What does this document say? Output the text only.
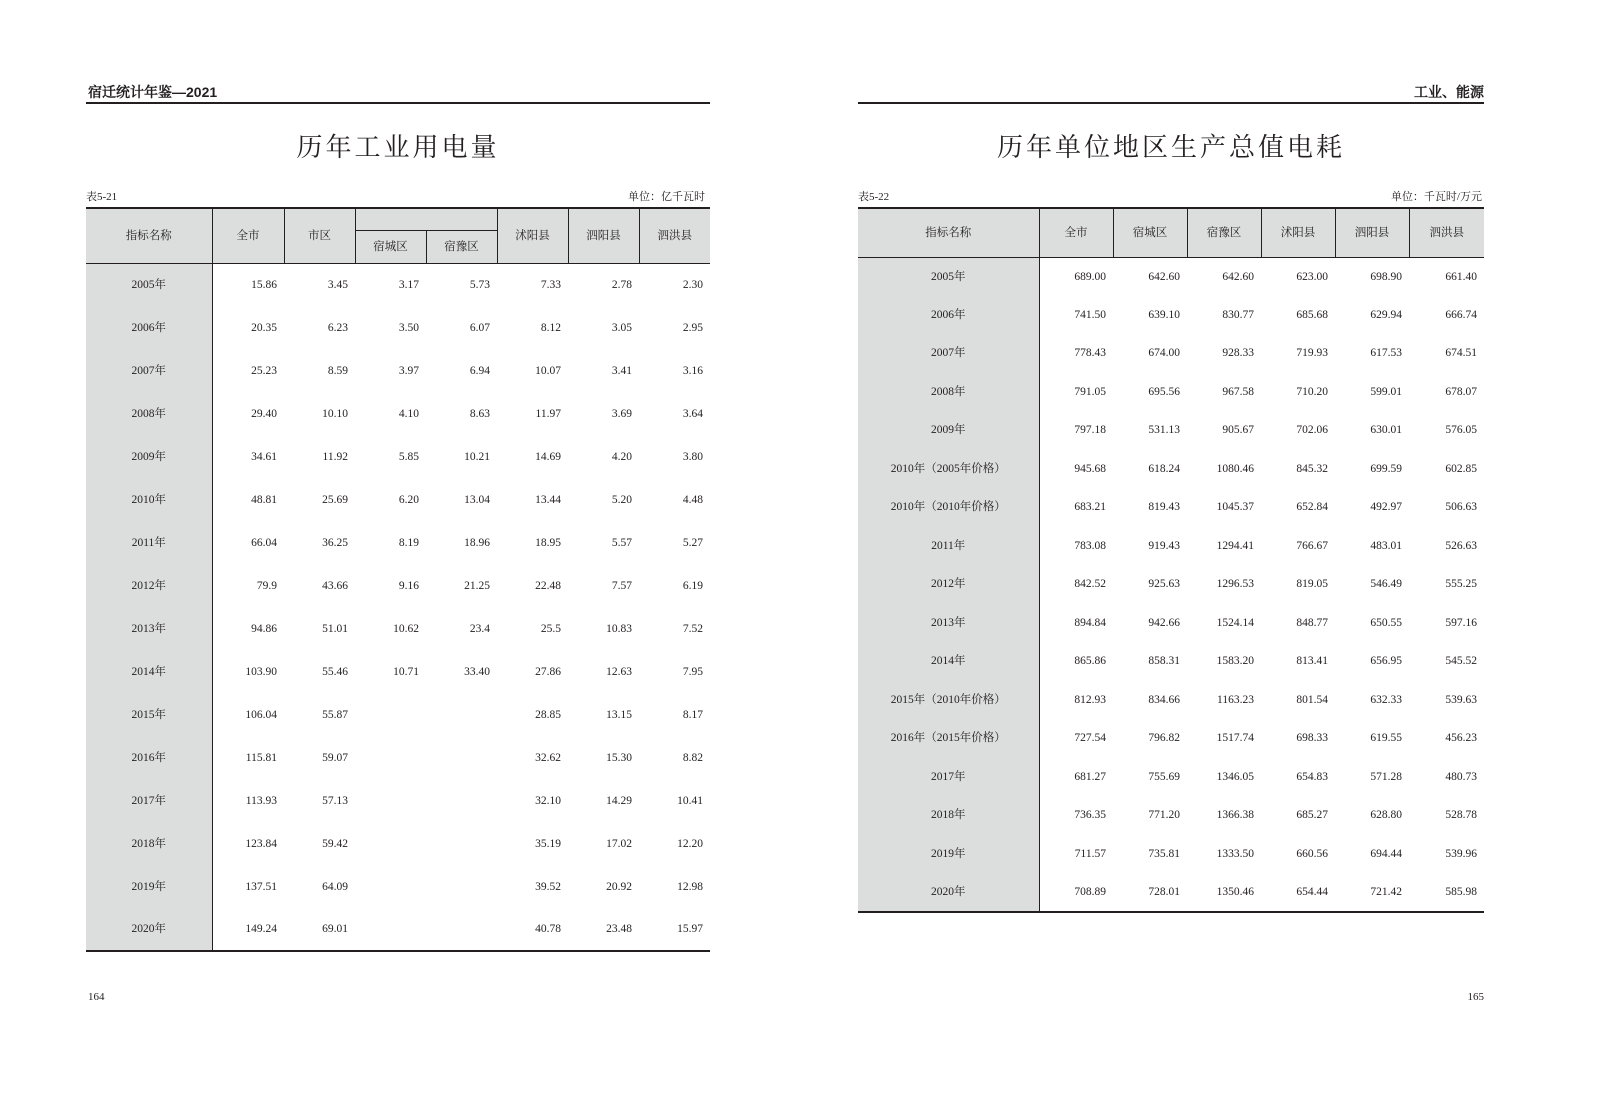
宿迁统计年鉴—2021
历年工业用电量
表5-21	单位：亿千瓦时
指标名称	全市	市区			沭阳县	泗阳县	泗洪县
			宿城区	宿豫区			
2005年	15.86	3.45	3.17	5.73	7.33	2.78	2.30
2006年	20.35	6.23	3.50	6.07	8.12	3.05	2.95
2007年	25.23	8.59	3.97	6.94	10.07	3.41	3.16
2008年	29.40	10.10	4.10	8.63	11.97	3.69	3.64
2009年	34.61	11.92	5.85	10.21	14.69	4.20	3.80
2010年	48.81	25.69	6.20	13.04	13.44	5.20	4.48
2011年	66.04	36.25	8.19	18.96	18.95	5.57	5.27
2012年	79.9	43.66	9.16	21.25	22.48	7.57	6.19
2013年	94.86	51.01	10.62	23.4	25.5	10.83	7.52
2014年	103.90	55.46	10.71	33.40	27.86	12.63	7.95
2015年	106.04	55.87			28.85	13.15	8.17
2016年	115.81	59.07			32.62	15.30	8.82
2017年	113.93	57.13			32.10	14.29	10.41
2018年	123.84	59.42			35.19	17.02	12.20
2019年	137.51	64.09			39.52	20.92	12.98
2020年	149.24	69.01			40.78	23.48	15.97
164
工业、能源
历年单位地区生产总值电耗
表5-22	单位：千瓦时/万元
指标名称	全市	宿城区	宿豫区	沭阳县	泗阳县	泗洪县
2005年	689.00	642.60	642.60	623.00	698.90	661.40
2006年	741.50	639.10	830.77	685.68	629.94	666.74
2007年	778.43	674.00	928.33	719.93	617.53	674.51
2008年	791.05	695.56	967.58	710.20	599.01	678.07
2009年	797.18	531.13	905.67	702.06	630.01	576.05
2010年（2005年价格）	945.68	618.24	1080.46	845.32	699.59	602.85
2010年（2010年价格）	683.21	819.43	1045.37	652.84	492.97	506.63
2011年	783.08	919.43	1294.41	766.67	483.01	526.63
2012年	842.52	925.63	1296.53	819.05	546.49	555.25
2013年	894.84	942.66	1524.14	848.77	650.55	597.16
2014年	865.86	858.31	1583.20	813.41	656.95	545.52
2015年（2010年价格）	812.93	834.66	1163.23	801.54	632.33	539.63
2016年（2015年价格）	727.54	796.82	1517.74	698.33	619.55	456.23
2017年	681.27	755.69	1346.05	654.83	571.28	480.73
2018年	736.35	771.20	1366.38	685.27	628.80	528.78
2019年	711.57	735.81	1333.50	660.56	694.44	539.96
2020年	708.89	728.01	1350.46	654.44	721.42	585.98
165
